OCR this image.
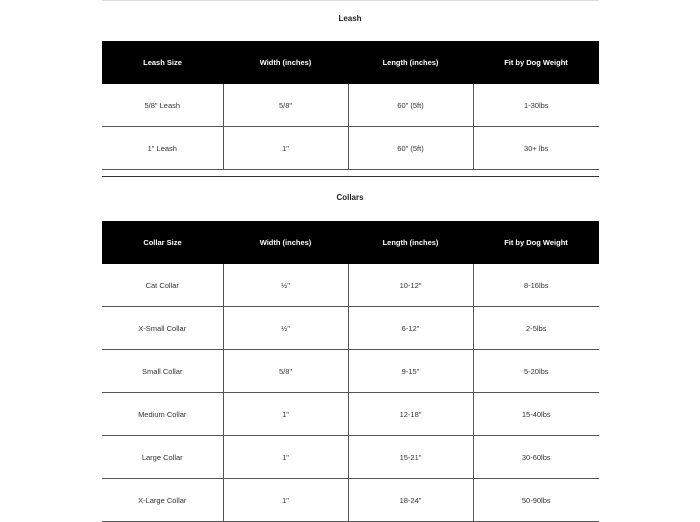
Leash
Leash Size	Width (inches)	Length (inches)	Fit by Dog Weight
5/8" Leash	5/8"	60" (5ft)	1-30lbs
1" Leash	1"	60" (5ft)	30+ lbs
Collars
Collar Size	Width (inches)	Length (inches)	Fit by Dog Weight
Cat Collar	½"	10-12"	8-16lbs
X-Small Collar	½"	6-12"	2-5lbs
Small Collar	5/8"	9-15"	5-20lbs
Medium Collar	1"	12-18"	15-40lbs
Large Collar	1"	15-21"	30-60lbs
X-Large Collar	1"	18-24"	50-90lbs
